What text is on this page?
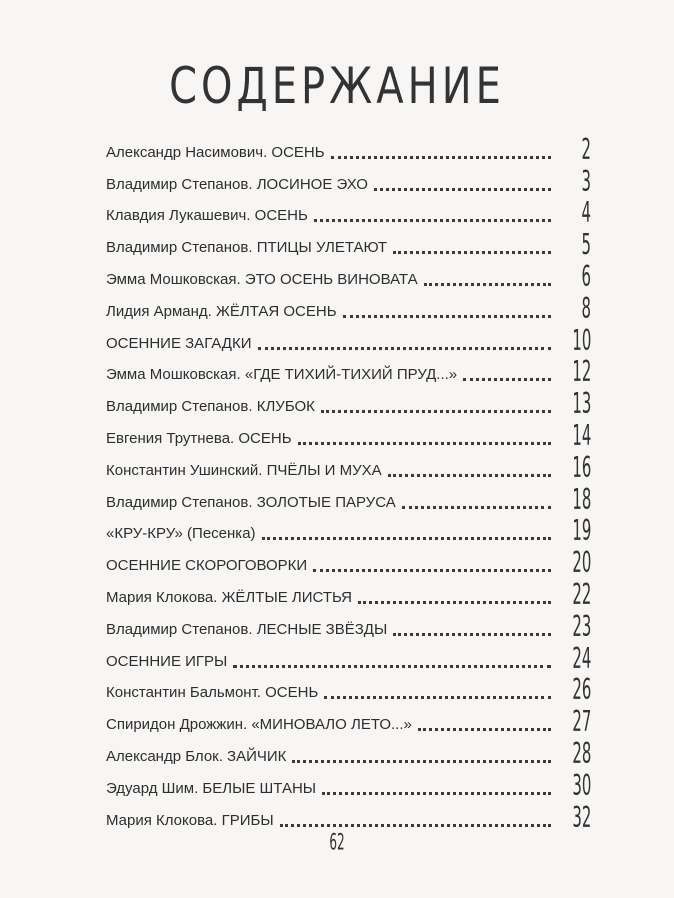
СОДЕРЖАНИЕ
Александр Насимович. ОСЕНЬ	2
Владимир Степанов. ЛОСИНОЕ ЭХО	3
Клавдия Лукашевич. ОСЕНЬ	4
Владимир Степанов. ПТИЦЫ УЛЕТАЮТ	5
Эмма Мошковская. ЭТО ОСЕНЬ ВИНОВАТА	6
Лидия Арманд. ЖЁЛТАЯ ОСЕНЬ	8
ОСЕННИЕ ЗАГАДКИ	10
Эмма Мошковская. «ГДЕ ТИХИЙ-ТИХИЙ ПРУД...»	12
Владимир Степанов. КЛУБОК	13
Евгения Трутнева. ОСЕНЬ	14
Константин Ушинский. ПЧЁЛЫ И МУХА	16
Владимир Степанов. ЗОЛОТЫЕ ПАРУСА	18
«КРУ-КРУ» (Песенка)	19
ОСЕННИЕ СКОРОГОВОРКИ	20
Мария Клокова. ЖЁЛТЫЕ ЛИСТЬЯ	22
Владимир Степанов. ЛЕСНЫЕ ЗВЁЗДЫ	23
ОСЕННИЕ ИГРЫ	24
Константин Бальмонт. ОСЕНЬ	26
Спиридон Дрожжин. «МИНОВАЛО ЛЕТО...»	27
Александр Блок. ЗАЙЧИК	28
Эдуард Шим. БЕЛЫЕ ШТАНЫ	30
Мария Клокова. ГРИБЫ	32
62
